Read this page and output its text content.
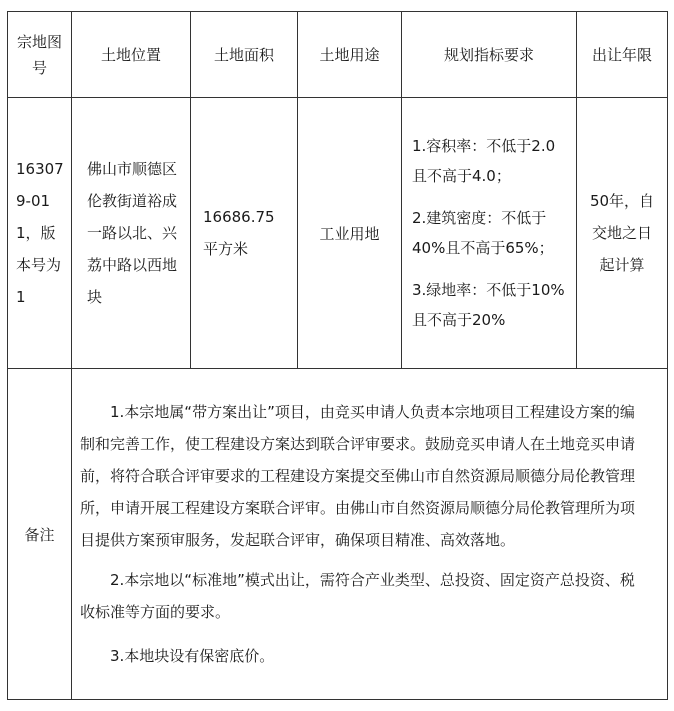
宗地图号	土地位置	土地面积	土地用途	规划指标要求	出让年限
163079-011，版本号为1	佛山市顺德区伦教街道裕成一路以北、兴荔中路以西地块	16686.75平方米	工业用地	1.容积率：不低于2.0且不高于4.0；

2.建筑密度：不低于40%且不高于65%；

3.绿地率：不低于10%且不高于20%	50年，自交地之日起计算
备注	1.本宗地属“带方案出让”项目，由竞买申请人负责本宗地项目工程建设方案的编制和完善工作，使工程建设方案达到联合评审要求。鼓励竞买申请人在土地竞买申请前，将符合联合评审要求的工程建设方案提交至佛山市自然资源局顺德分局伦教管理所，申请开展工程建设方案联合评审。由佛山市自然资源局顺德分局伦教管理所为项目提供方案预审服务，发起联合评审，确保项目精准、高效落地。

2.本宗地以“标准地”模式出让，需符合产业类型、总投资、固定资产总投资、税收标准等方面的要求。

3.本地块设有保密底价。				
